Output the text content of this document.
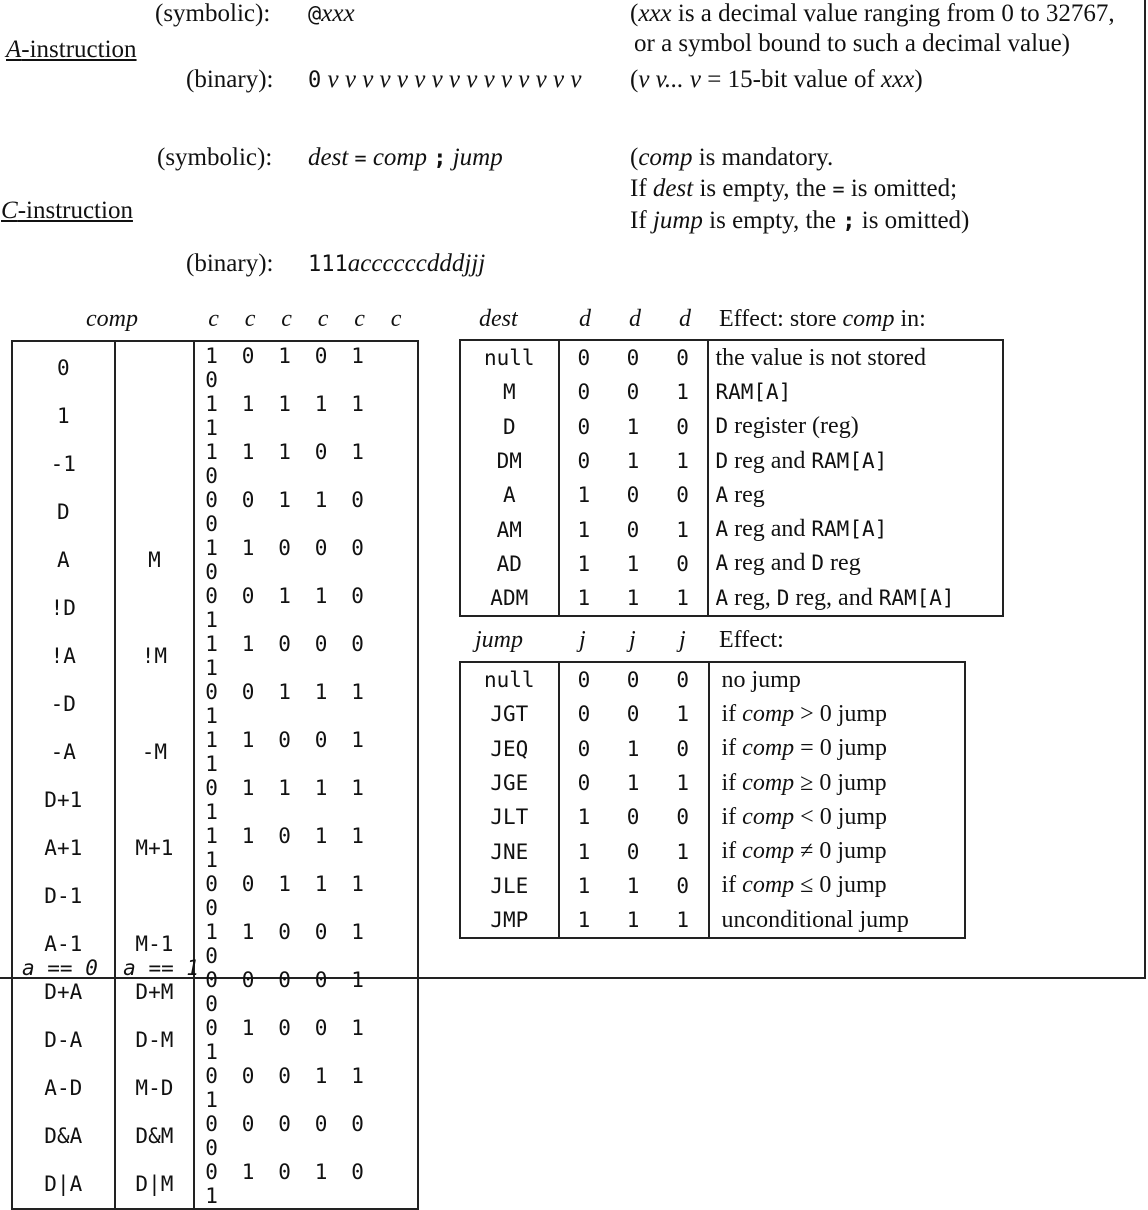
A-instruction
(symbolic): @xxx
(binary): 0 v v v v v v v v v v v v v v v
(xxx is a decimal value ranging from 0 to 32767,
or a symbol bound to such a decimal value)
(v v... v = 15-bit value of xxx)
C-instruction
(symbolic): dest = comp ; jump
(binary): 111accccccdddjjj
(comp is mandatory.
If dest is empty, the = is omitted;
If jump is empty, the ; is omitted)
comp	c c c c c c
0		1 0 1 0 10
1		1 1 1 1 11
-1		1 1 1 0 10
D		0 0 1 1 00
A	M	1 1 0 0 00
!D		0 0 1 1 01
!A	!M	1 1 0 0 01
-D		0 0 1 1 11
-A	-M	1 1 0 0 11
D+1		0 1 1 1 11
A+1	M+1	1 1 0 1 11
D-1		0 0 1 1 10
A-1	M-1	1 1 0 0 10
D+A	D+M	0 0 0 0 10
D-A	D-M	0 1 0 0 11
A-D	M-D	0 0 0 1 11
D&A	D&M	0 0 0 0 00
D|A	D|M	0 1 0 1 01
a == 0 a == 1
dest	d d d Effect: store comp in:
null	0	0	0	the value is not stored
M	0	0	1	RAM[A]
D	0	1	0	D register (reg)
DM	0	1	1	D reg and RAM[A]
A	1	0	0	A reg
AM	1	0	1	A reg and RAM[A]
AD	1	1	0	A reg and D reg
ADM	1	1	1	A reg, D reg, and RAM[A]
jump j j j Effect:
null	0	0	0	no jump
JGT	0	0	1	if comp > 0 jump
JEQ	0	1	0	if comp = 0 jump
JGE	0	1	1	if comp ≥ 0 jump
JLT	1	0	0	if comp < 0 jump
JNE	1	0	1	if comp ≠ 0 jump
JLE	1	1	0	if comp ≤ 0 jump
JMP	1	1	1	unconditional jump
